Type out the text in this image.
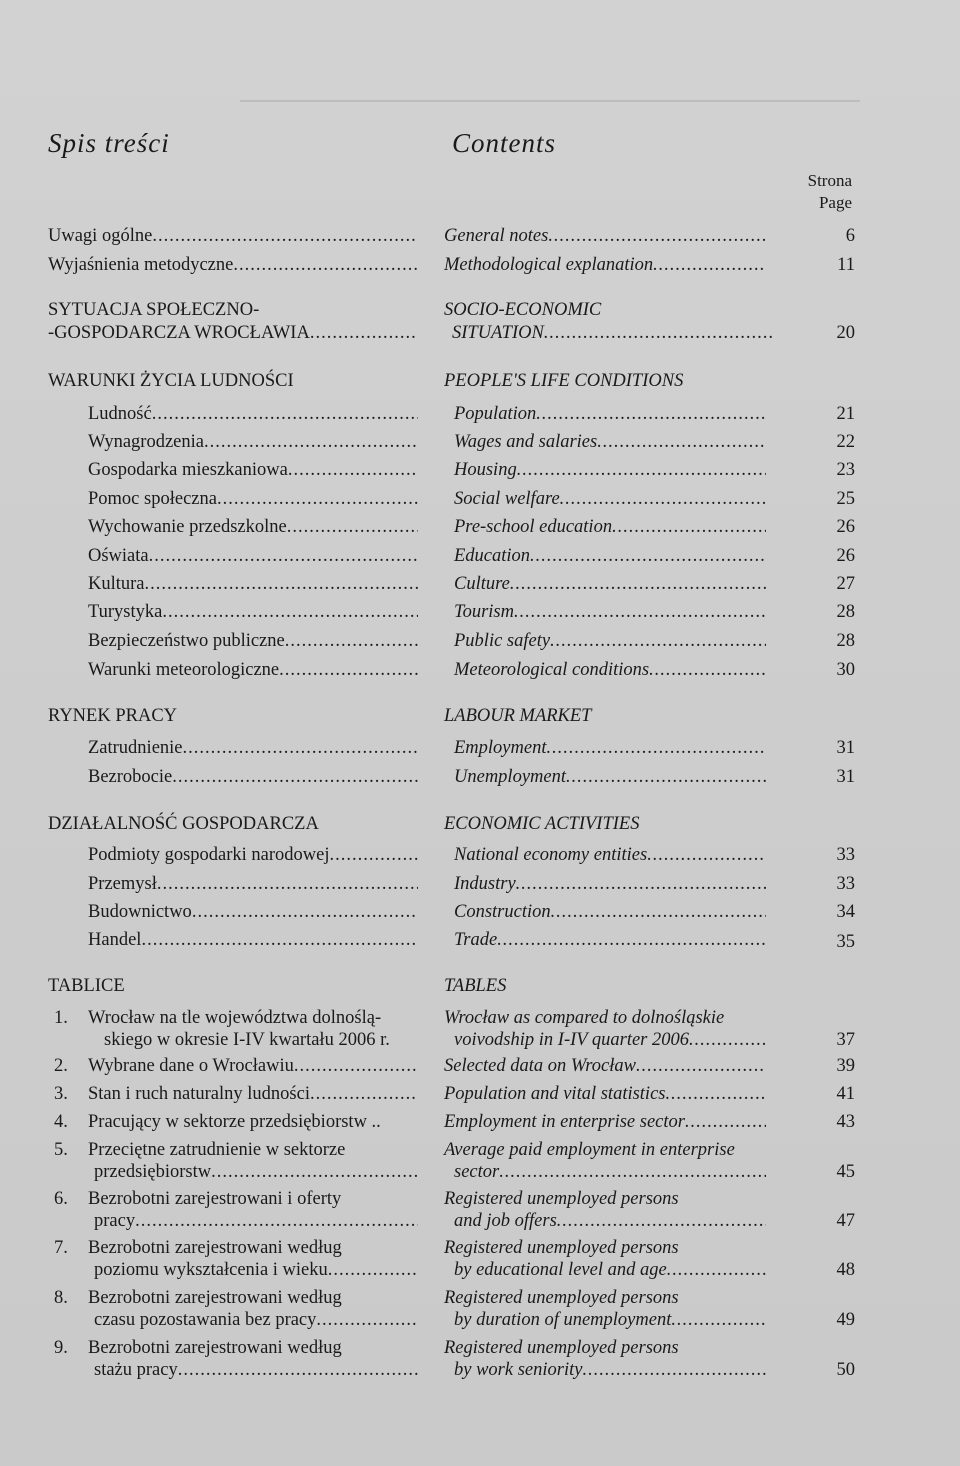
Spis treści	Contents
Strona
Page
Uwagi ogólne .....	General notes .....	6
Wyjaśnienia metodyczne .....	Methodological explanation .....	11
SYTUACJA SPOŁECZNO-	SOCIO-ECONOMIC
-GOSPODARCZA WROCŁAWIA .....	SITUATION .....	20
WARUNKI ŻYCIA LUDNOŚCI	PEOPLE'S LIFE CONDITIONS
Ludność .....	Population .....	21
Wynagrodzenia .....	Wages and salaries .....	22
Gospodarka mieszkaniowa .....	Housing .....	23
Pomoc społeczna .....	Social welfare .....	25
Wychowanie przedszkolne .....	Pre-school education .....	26
Oświata .....	Education .....	26
Kultura .....	Culture .....	27
Turystyka .....	Tourism .....	28
Bezpieczeństwo publiczne .....	Public safety .....	28
Warunki meteorologiczne .....	Meteorological conditions .....	30
RYNEK PRACY	LABOUR MARKET
Zatrudnienie .....	Employment .....	31
Bezrobocie .....	Unemployment .....	31
DZIAŁALNOŚĆ GOSPODARCZA	ECONOMIC ACTIVITIES
Podmioty gospodarki narodowej .....	National economy entities .....	33
Przemysł .....	Industry .....	33
Budownictwo .....	Construction .....	34
Handel .....	Trade .....	35
TABLICE	TABLES
1. Wrocław na tle województwa dolnoślą-	Wrocław as compared to dolnośląskie
skiego w okresie I-IV kwartału 2006 r.	voivodship in I-IV quarter 2006 .....	37
2. Wybrane dane o Wrocławiu .....	Selected data on Wrocław .....	39
3. Stan i ruch naturalny ludności .....	Population and vital statistics .....	41
4. Pracujący w sektorze przedsiębiorstw ..	Employment in enterprise sector .....	43
5. Przeciętne zatrudnienie w sektorze	Average paid employment in enterprise
przedsiębiorstw .....	sector .....	45
6. Bezrobotni zarejestrowani i oferty	Registered unemployed persons
pracy .....	and job offers .....	47
7. Bezrobotni zarejestrowani według	Registered unemployed persons
poziomu wykształcenia i wieku .....	by educational level and age .....	48
8. Bezrobotni zarejestrowani według	Registered unemployed persons
czasu pozostawania bez pracy .....	by duration of unemployment .....	49
9. Bezrobotni zarejestrowani według	Registered unemployed persons
stażu pracy .....	by work seniority .....	50
